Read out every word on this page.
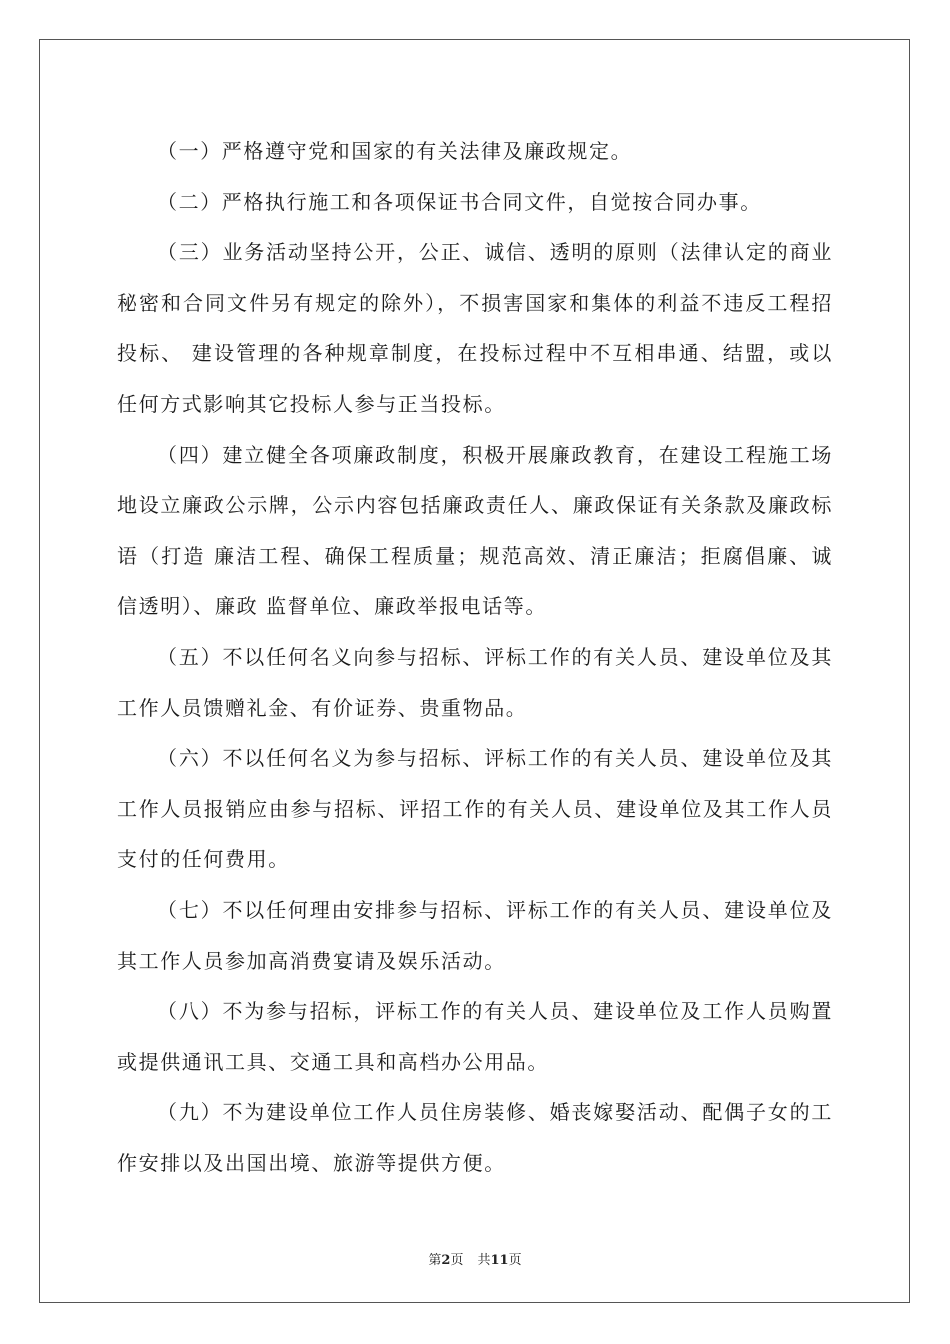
（一）严格遵守党和国家的有关法律及廉政规定。

（二）严格执行施工和各项保证书合同文件，自觉按合同办事。

（三）业务活动坚持公开，公正、诚信、透明的原则（法律认定的商业秘密和合同文件另有规定的除外），不损害国家和集体的利益不违反工程招投标、 建设管理的各种规章制度，在投标过程中不互相串通、结盟，或以任何方式影响其它投标人参与正当投标。

（四）建立健全各项廉政制度，积极开展廉政教育，在建设工程施工场地设立廉政公示牌，公示内容包括廉政责任人、廉政保证有关条款及廉政标语（打造 廉洁工程、确保工程质量；规范高效、清正廉洁；拒腐倡廉、诚信透明）、廉政 监督单位、廉政举报电话等。

（五）不以任何名义向参与招标、评标工作的有关人员、建设单位及其工作人员馈赠礼金、有价证券、贵重物品。

（六）不以任何名义为参与招标、评标工作的有关人员、建设单位及其工作人员报销应由参与招标、评招工作的有关人员、建设单位及其工作人员支付的任何费用。

（七）不以任何理由安排参与招标、评标工作的有关人员、建设单位及其工作人员参加高消费宴请及娱乐活动。

（八）不为参与招标，评标工作的有关人员、建设单位及工作人员购置或提供通讯工具、交通工具和高档办公用品。

（九）不为建设单位工作人员住房装修、婚丧嫁娶活动、配偶子女的工作安排以及出国出境、旅游等提供方便。

第2页 共11页
